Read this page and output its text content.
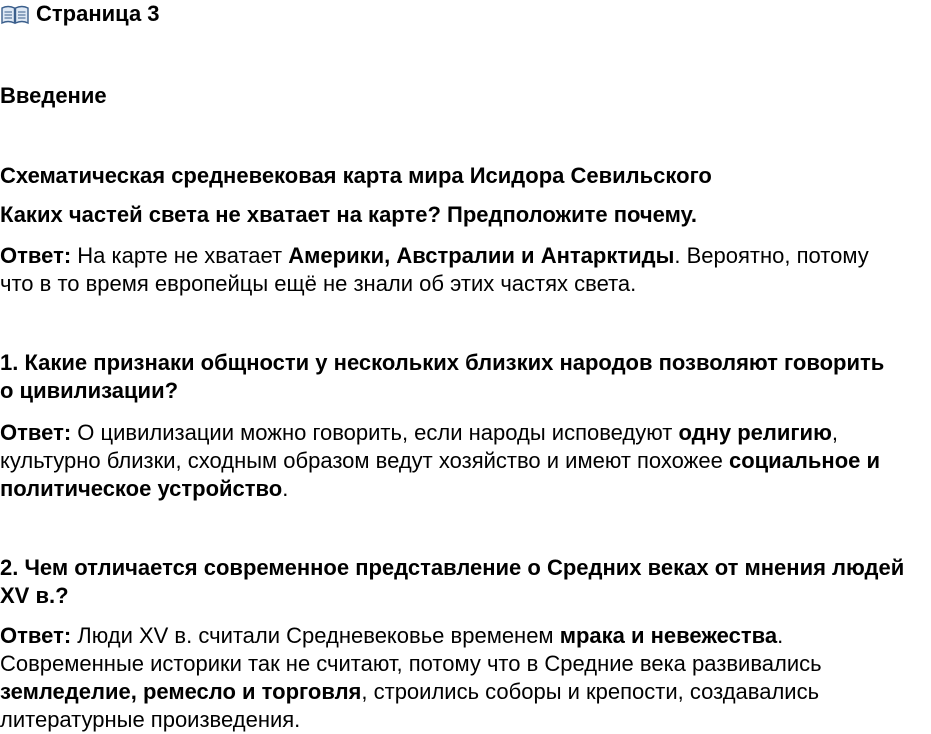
Страница 3
Введение
Схематическая средневековая карта мира Исидора Севильского
Каких частей света не хватает на карте? Предположите почему.

Ответ: На карте не хватает Америки, Австралии и Антарктиды. Вероятно, потому что в то время европейцы ещё не знали об этих частях света.

1. Какие признаки общности у нескольких близких народов позволяют говорить о цивилизации?

Ответ: О цивилизации можно говорить, если народы исповедуют одну религию, культурно близки, сходным образом ведут хозяйство и имеют похожее социальное и политическое устройство.

2. Чем отличается современное представление о Средних веках от мнения людей XV в.?

Ответ: Люди XV в. считали Средневековье временем мрака и невежества. Современные историки так не считают, потому что в Средние века развивались земледелие, ремесло и торговля, строились соборы и крепости, создавались литературные произведения.
